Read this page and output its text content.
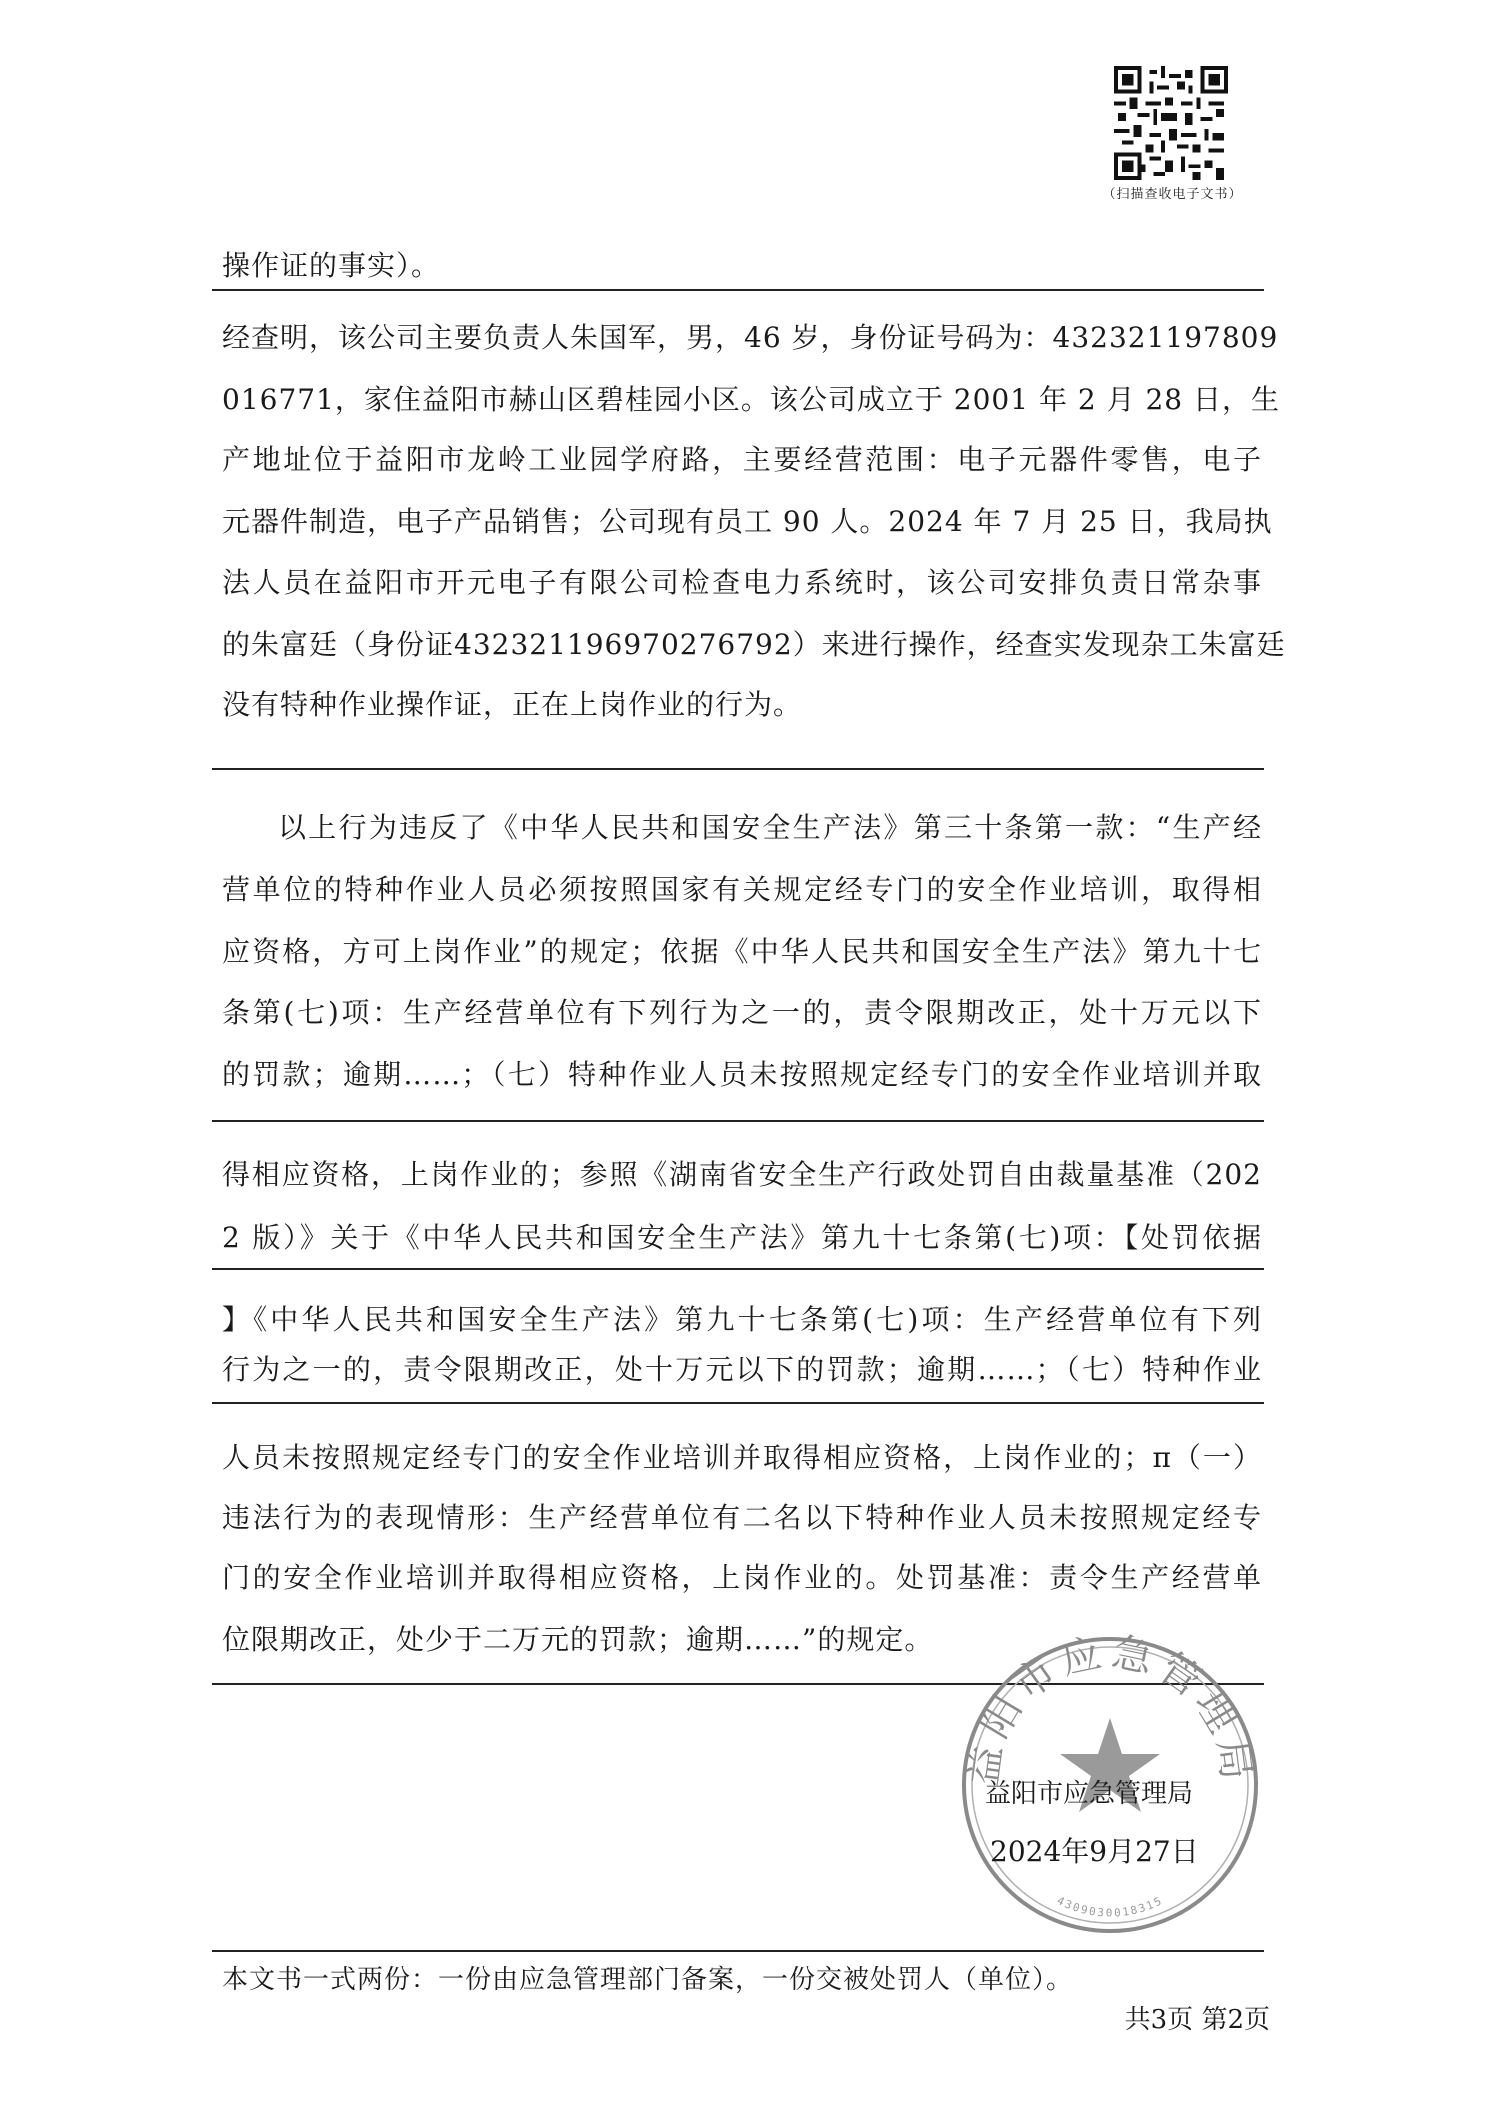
（扫描查收电子文书）
操作证的事实）。
经查明，该公司主要负责人朱国军，男，46 岁，身份证号码为：432321197809
016771，家住益阳市赫山区碧桂园小区。该公司成立于 2001 年 2 月 28 日，生
产地址位于益阳市龙岭工业园学府路，主要经营范围：电子元器件零售，电子
元器件制造，电子产品销售；公司现有员工 90 人。2024 年 7 月 25 日，我局执
法人员在益阳市开元电子有限公司检查电力系统时，该公司安排负责日常杂事
的朱富廷（身份证432321196970276792）来进行操作，经查实发现杂工朱富廷
没有特种作业操作证，正在上岗作业的行为。
以上行为违反了《中华人民共和国安全生产法》第三十条第一款：“生产经
营单位的特种作业人员必须按照国家有关规定经专门的安全作业培训，取得相
应资格，方可上岗作业”的规定；依据《中华人民共和国安全生产法》第九十七
条第(七)项：生产经营单位有下列行为之一的，责令限期改正，处十万元以下
的罚款；逾期……；（七）特种作业人员未按照规定经专门的安全作业培训并取
得相应资格，上岗作业的；参照《湖南省安全生产行政处罚自由裁量基准（202
2 版）》关于《中华人民共和国安全生产法》第九十七条第(七)项：【处罚依据
】《中华人民共和国安全生产法》第九十七条第(七)项：生产经营单位有下列
行为之一的，责令限期改正，处十万元以下的罚款；逾期……；（七）特种作业
人员未按照规定经专门的安全作业培训并取得相应资格，上岗作业的；π（一）
违法行为的表现情形：生产经营单位有二名以下特种作业人员未按照规定经专
门的安全作业培训并取得相应资格，上岗作业的。处罚基准：责令生产经营单
位限期改正，处少于二万元的罚款；逾期……”的规定。
益阳市应急管理局
4309030018315
益阳市应急管理局
2024年9月27日
本文书一式两份：一份由应急管理部门备案，一份交被处罚人（单位）。
共3页 第2页
